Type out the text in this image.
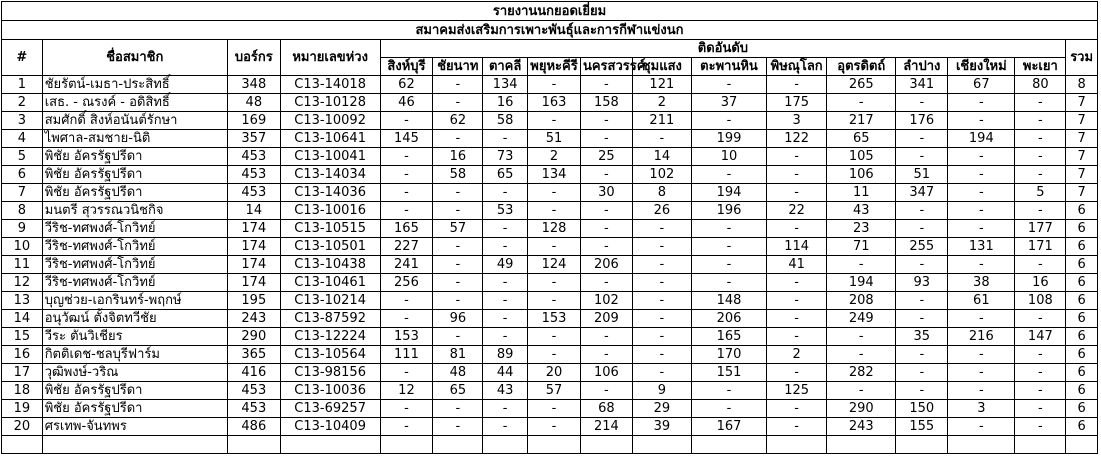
รายงานนกยอดเยี่ยม																
สมาคมส่งเสริมการเพาะพันธุ์และการกีฬาแข่งนก																
#	ชื่อสมาชิก	บอร์กร	หมายเลขห่วง	ติดอันดับ												รวม
				สิงห์บุรี	ชัยนาท	ตาคลี	พยุหะคีรี	นครสวรรค์	ชุมแสง	ตะพานหิน	พิษณุโลก	อุตรดิตถ์	ลำปาง	เชียงใหม่	พะเยา	
1	ชัยรัตน์-เมธา-ประสิทธิ์	348	C13-14018	62	-	134	-	-	121	-	-	265	341	67	80	8
2	เสธ. - ณรงค์ - อดิสิทธิ์	48	C13-10128	46	-	16	163	158	2	37	175	-	-	-	-	7
3	สมศักดิ์ สิงห์อนันต์รักษา	169	C13-10092	-	62	58	-	-	211	-	3	217	176	-	-	7
4	ไพศาล-สมชาย-นิติ	357	C13-10641	145	-	-	51	-	-	199	122	65	-	194	-	7
5	พิชัย อัครรัฐปรีดา	453	C13-10041	-	16	73	2	25	14	10	-	105	-	-	-	7
6	พิชัย อัครรัฐปรีดา	453	C13-14034	-	58	65	134	-	102	-	-	106	51	-	-	7
7	พิชัย อัครรัฐปรีดา	453	C13-14036	-	-	-	-	30	8	194	-	11	347	-	5	7
8	มนตรี สุวรรณวนิชกิจ	14	C13-10016	-	-	53	-	-	26	196	22	43	-	-	-	6
9	วีริช-ทศพงศ์-โกวิทย์	174	C13-10515	165	57	-	128	-	-	-	-	23	-	-	177	6
10	วีริช-ทศพงศ์-โกวิทย์	174	C13-10501	227	-	-	-	-	-	-	114	71	255	131	171	6
11	วีริช-ทศพงศ์-โกวิทย์	174	C13-10438	241	-	49	124	206	-	-	41	-	-	-	-	6
12	วีริช-ทศพงศ์-โกวิทย์	174	C13-10461	256	-	-	-	-	-	-	-	194	93	38	16	6
13	บุญช่วย-เอกรินทร์-พฤกษ์	195	C13-10214	-	-	-	-	102	-	148	-	208	-	61	108	6
14	อนุวัฒน์ ตั้งจิตทวีชัย	243	C13-87592	-	96	-	153	209	-	206	-	249	-	-	-	6
15	วีระ ตันวิเชียร	290	C13-12224	153	-	-	-	-	-	165	-	-	35	216	147	6
16	กิตติเดช-ชลบุรีฟาร์ม	365	C13-10564	111	81	89	-	-	-	170	2	-	-	-	-	6
17	วุฒิพงษ์-วริณ	416	C13-98156	-	48	44	20	106	-	151	-	282	-	-	-	6
18	พิชัย อัครรัฐปรีดา	453	C13-10036	12	65	43	57	-	9	-	125	-	-	-	-	6
19	พิชัย อัครรัฐปรีดา	453	C13-69257	-	-	-	-	68	29	-	-	290	150	3	-	6
20	ศรเทพ-จันทพร	486	C13-10409	-	-	-	-	214	39	167	-	243	155	-	-	6
